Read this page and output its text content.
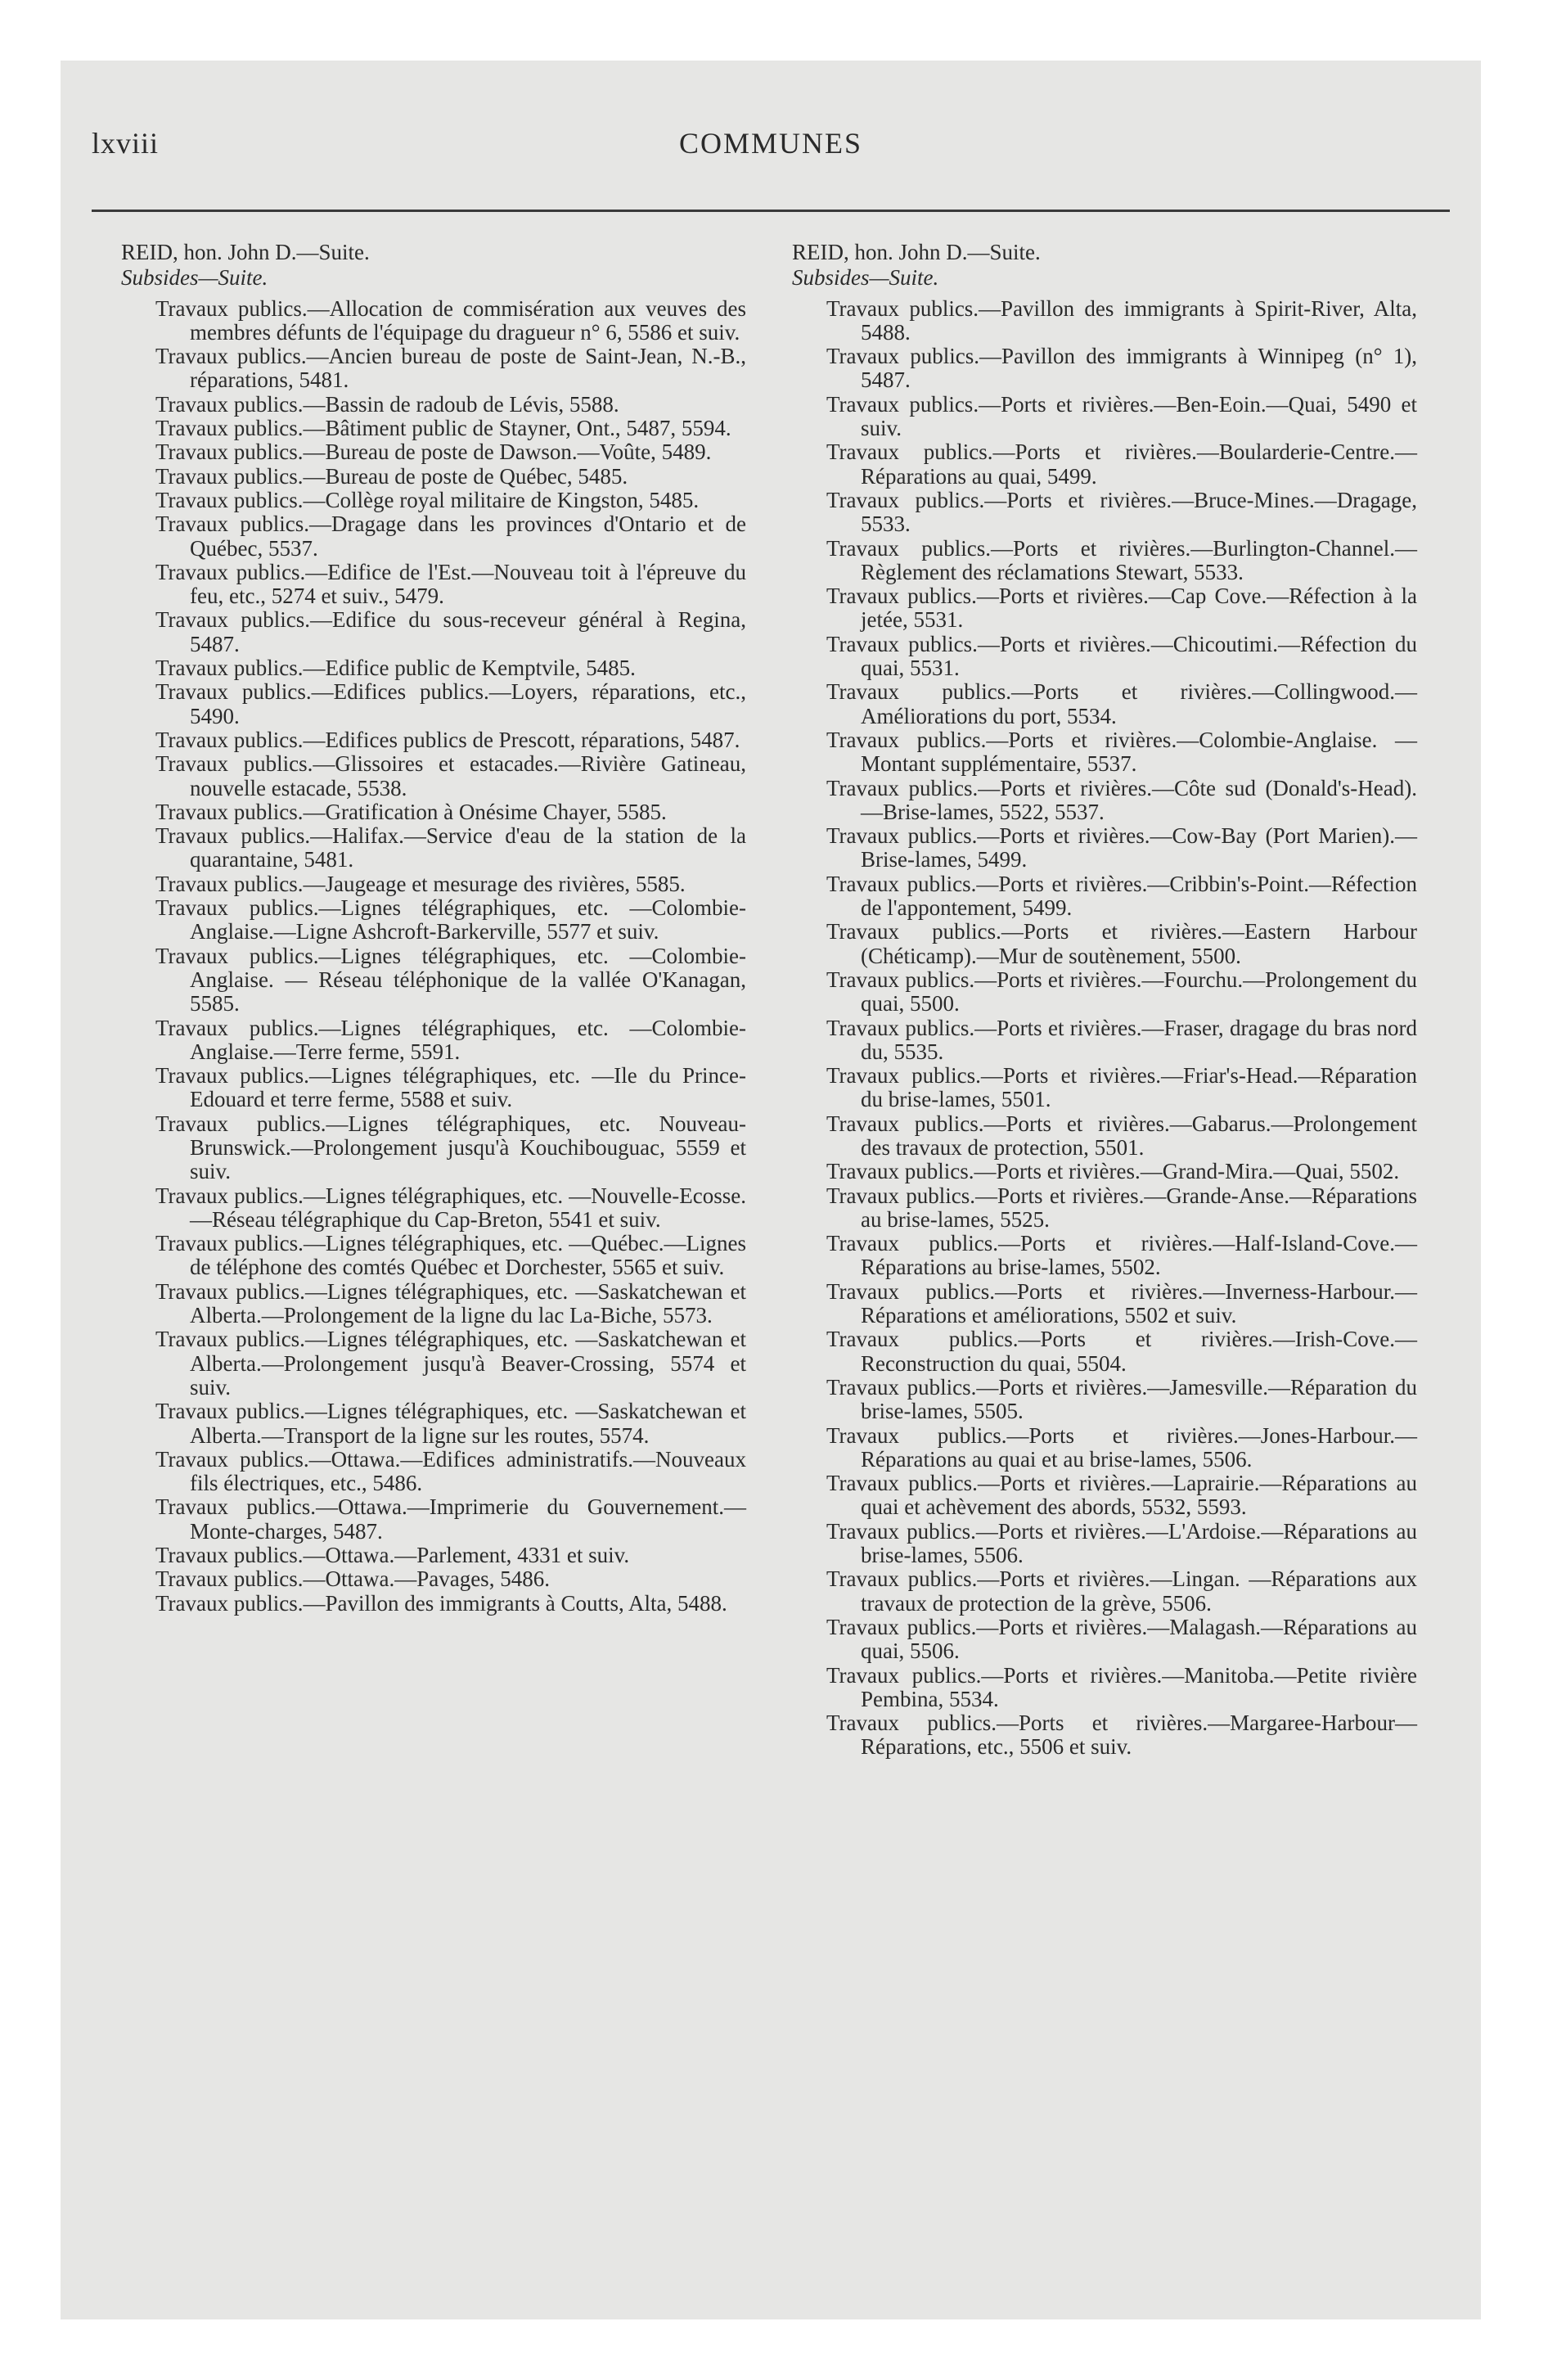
lxviii	COMMUNES

REID, hon. John D.—Suite.

Subsides—Suite.

Travaux publics.—Allocation de commisération aux veuves des membres défunts de l'équipage du dragueur n° 6, 5586 et suiv.
Travaux publics.—Ancien bureau de poste de Saint-Jean, N.-B., réparations, 5481.
Travaux publics.—Bassin de radoub de Lévis, 5588.
Travaux publics.—Bâtiment public de Stayner, Ont., 5487, 5594.
Travaux publics.—Bureau de poste de Dawson.—Voûte, 5489.
Travaux publics.—Bureau de poste de Québec, 5485.
Travaux publics.—Collège royal militaire de Kingston, 5485.
Travaux publics.—Dragage dans les provinces d'Ontario et de Québec, 5537.
Travaux publics.—Edifice de l'Est.—Nouveau toit à l'épreuve du feu, etc., 5274 et suiv., 5479.
Travaux publics.—Edifice du sous-receveur général à Regina, 5487.
Travaux publics.—Edifice public de Kemptvile, 5485.
Travaux publics.—Edifices publics.—Loyers, réparations, etc., 5490.
Travaux publics.—Edifices publics de Prescott, réparations, 5487.
Travaux publics.—Glissoires et estacades.—Rivière Gatineau, nouvelle estacade, 5538.
Travaux publics.—Gratification à Onésime Chayer, 5585.
Travaux publics.—Halifax.—Service d'eau de la station de la quarantaine, 5481.
Travaux publics.—Jaugeage et mesurage des rivières, 5585.
Travaux publics.—Lignes télégraphiques, etc. —Colombie-Anglaise.—Ligne Ashcroft-Barkerville, 5577 et suiv.
Travaux publics.—Lignes télégraphiques, etc. —Colombie-Anglaise. — Réseau téléphonique de la vallée O'Kanagan, 5585.
Travaux publics.—Lignes télégraphiques, etc. —Colombie-Anglaise.—Terre ferme, 5591.
Travaux publics.—Lignes télégraphiques, etc. —Ile du Prince-Edouard et terre ferme, 5588 et suiv.
Travaux publics.—Lignes télégraphiques, etc. Nouveau-Brunswick.—Prolongement jusqu'à Kouchibouguac, 5559 et suiv.
Travaux publics.—Lignes télégraphiques, etc. —Nouvelle-Ecosse.—Réseau télégraphique du Cap-Breton, 5541 et suiv.
Travaux publics.—Lignes télégraphiques, etc. —Québec.—Lignes de téléphone des comtés Québec et Dorchester, 5565 et suiv.
Travaux publics.—Lignes télégraphiques, etc. —Saskatchewan et Alberta.—Prolongement de la ligne du lac La-Biche, 5573.
Travaux publics.—Lignes télégraphiques, etc. —Saskatchewan et Alberta.—Prolongement jusqu'à Beaver-Crossing, 5574 et suiv.
Travaux publics.—Lignes télégraphiques, etc. —Saskatchewan et Alberta.—Transport de la ligne sur les routes, 5574.
Travaux publics.—Ottawa.—Edifices administratifs.—Nouveaux fils électriques, etc., 5486.
Travaux publics.—Ottawa.—Imprimerie du Gouvernement.—Monte-charges, 5487.
Travaux publics.—Ottawa.—Parlement, 4331 et suiv.
Travaux publics.—Ottawa.—Pavages, 5486.
Travaux publics.—Pavillon des immigrants à Coutts, Alta, 5488.

REID, hon. John D.—Suite.

Subsides—Suite.

Travaux publics.—Pavillon des immigrants à Spirit-River, Alta, 5488.
Travaux publics.—Pavillon des immigrants à Winnipeg (n° 1), 5487.
Travaux publics.—Ports et rivières.—Ben-Eoin.—Quai, 5490 et suiv.
Travaux publics.—Ports et rivières.—Boularderie-Centre.—Réparations au quai, 5499.
Travaux publics.—Ports et rivières.—Bruce-Mines.—Dragage, 5533.
Travaux publics.—Ports et rivières.—Burlington-Channel.—Règlement des réclamations Stewart, 5533.
Travaux publics.—Ports et rivières.—Cap Cove.—Réfection à la jetée, 5531.
Travaux publics.—Ports et rivières.—Chicoutimi.—Réfection du quai, 5531.
Travaux publics.—Ports et rivières.—Collingwood.—Améliorations du port, 5534.
Travaux publics.—Ports et rivières.—Colombie-Anglaise. — Montant supplémentaire, 5537.
Travaux publics.—Ports et rivières.—Côte sud (Donald's-Head).—Brise-lames, 5522, 5537.
Travaux publics.—Ports et rivières.—Cow-Bay (Port Marien).—Brise-lames, 5499.
Travaux publics.—Ports et rivières.—Cribbin's-Point.—Réfection de l'appontement, 5499.
Travaux publics.—Ports et rivières.—Eastern Harbour (Chéticamp).—Mur de soutènement, 5500.
Travaux publics.—Ports et rivières.—Fourchu.—Prolongement du quai, 5500.
Travaux publics.—Ports et rivières.—Fraser, dragage du bras nord du, 5535.
Travaux publics.—Ports et rivières.—Friar's-Head.—Réparation du brise-lames, 5501.
Travaux publics.—Ports et rivières.—Gabarus.—Prolongement des travaux de protection, 5501.
Travaux publics.—Ports et rivières.—Grand-Mira.—Quai, 5502.
Travaux publics.—Ports et rivières.—Grande-Anse.—Réparations au brise-lames, 5525.
Travaux publics.—Ports et rivières.—Half-Island-Cove.—Réparations au brise-lames, 5502.
Travaux publics.—Ports et rivières.—Inverness-Harbour.—Réparations et améliorations, 5502 et suiv.
Travaux publics.—Ports et rivières.—Irish-Cove.—Reconstruction du quai, 5504.
Travaux publics.—Ports et rivières.—Jamesville.—Réparation du brise-lames, 5505.
Travaux publics.—Ports et rivières.—Jones-Harbour.—Réparations au quai et au brise-lames, 5506.
Travaux publics.—Ports et rivières.—Laprairie.—Réparations au quai et achèvement des abords, 5532, 5593.
Travaux publics.—Ports et rivières.—L'Ardoise.—Réparations au brise-lames, 5506.
Travaux publics.—Ports et rivières.—Lingan. —Réparations aux travaux de protection de la grève, 5506.
Travaux publics.—Ports et rivières.—Malagash.—Réparations au quai, 5506.
Travaux publics.—Ports et rivières.—Manitoba.—Petite rivière Pembina, 5534.
Travaux publics.—Ports et rivières.—Margaree-Harbour—Réparations, etc., 5506 et suiv.
